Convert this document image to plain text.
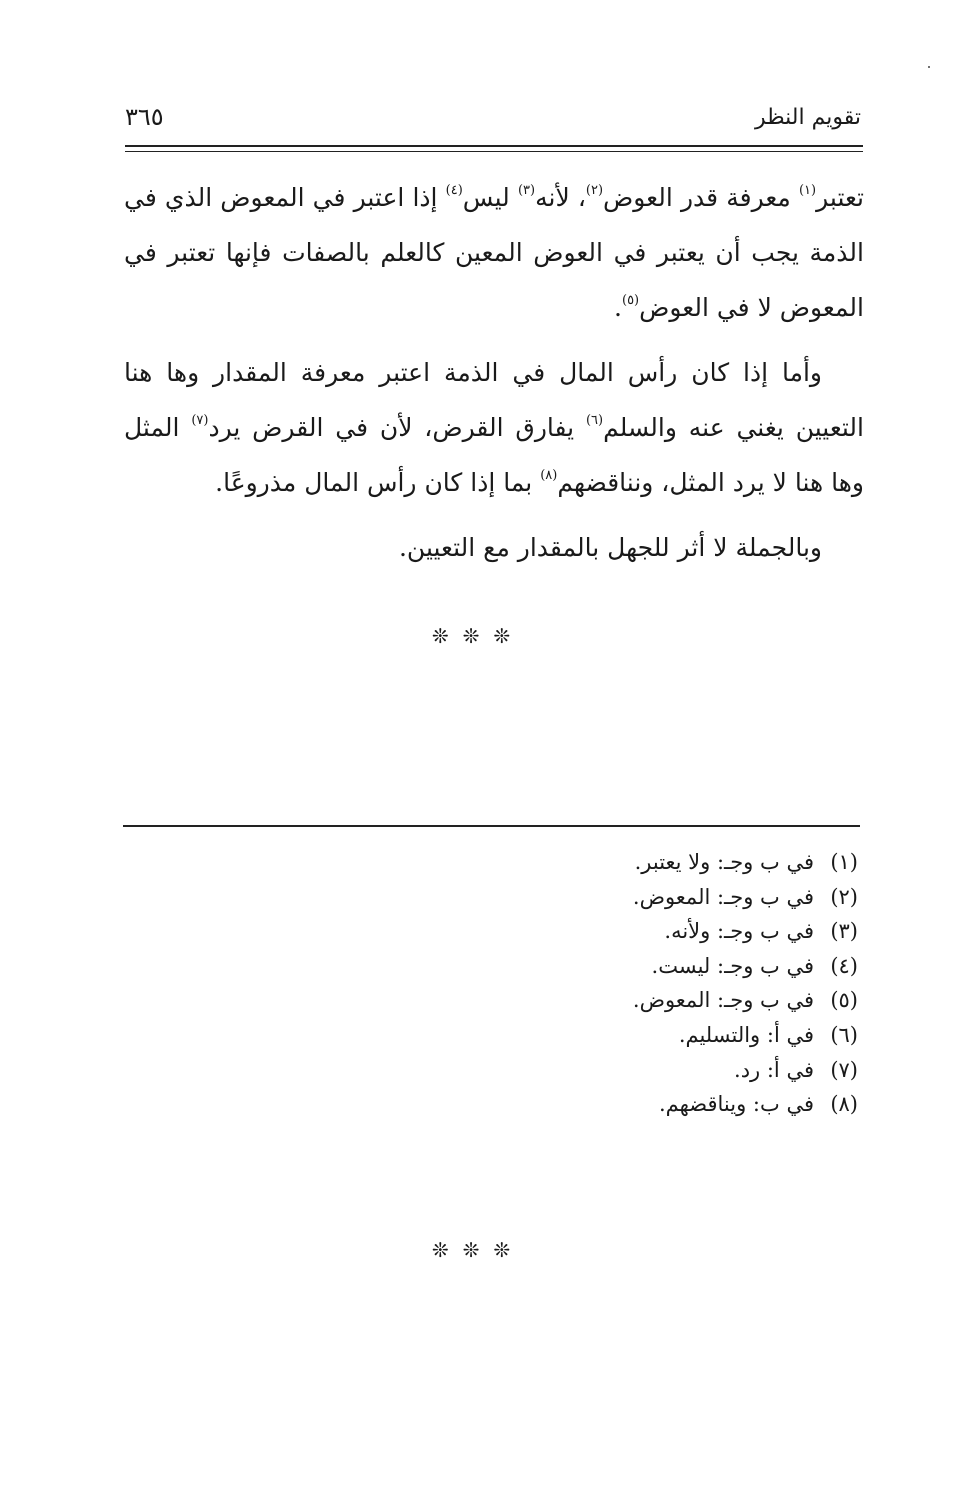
تقويم النظر
٣٦٥

تعتبر$^{(١)}$ معرفة قدر العوض$^{(٢)}$، لأنه$^{(٣)}$ ليس$^{(٤)}$ إذا اعتبر في المعوض الذي في الذمة يجب أن يعتبر في العوض المعين كالعلم بالصفات فإنها تعتبر في المعوض لا في العوض$^{(٥)}$.

وأما إذا كان رأس المال في الذمة اعتبر معرفة المقدار وها هنا التعيين يغني عنه والسلم$^{(٦)}$ يفارق القرض، لأن في القرض يرد$^{(٧)}$ المثل وها هنا لا يرد المثل، ونناقضهم$^{(٨)}$ بما إذا كان رأس المال مذروعًا.

وبالجملة لا أثر للجهل بالمقدار مع التعيين.

❊❊❊
(١)في ب وجـ: ولا يعتبر.
(٢)في ب وجـ: المعوض.
(٣)في ب وجـ: ولأنه.
(٤)في ب وجـ: ليست.
(٥)في ب وجـ: المعوض.
(٦)في أ: والتسليم.
(٧)في أ: رد.
(٨)في ب: ويناقضهم.
❊❊❊
